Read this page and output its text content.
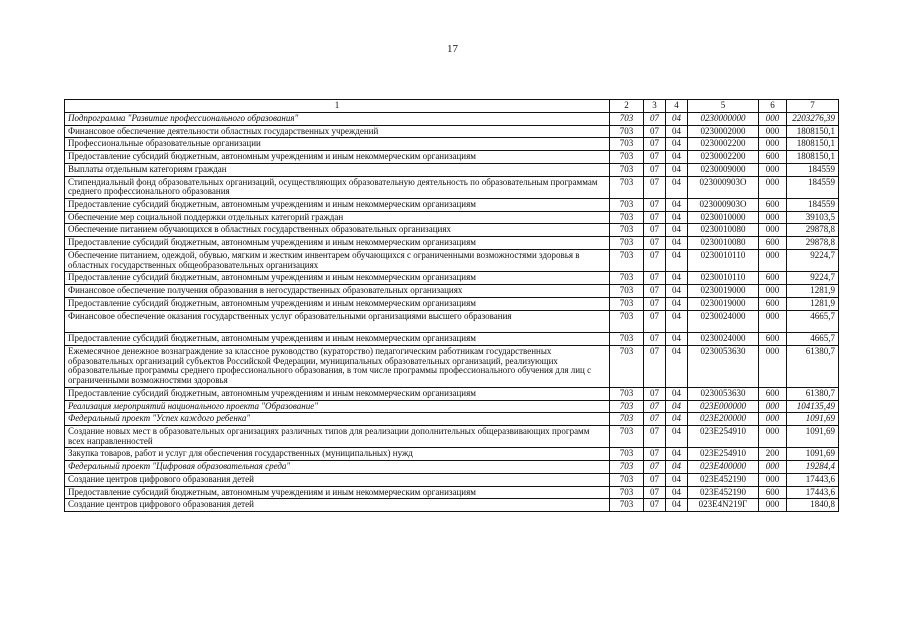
17
1	2	3	4	5	6	7
Подпрограмма "Развитие профессионального образования"	703	07	04	0230000000	000	2203276,39
Финансовое обеспечение деятельности областных государственных учреждений	703	07	04	0230002000	000	1808150,1
Профессиональные образовательные организации	703	07	04	0230002200	000	1808150,1
Предоставление субсидий бюджетным, автономным учреждениям и иным некоммерческим организациям	703	07	04	0230002200	600	1808150,1
Выплаты отдельным категориям граждан	703	07	04	0230009000	000	184559
Стипендиальный фонд образовательных организаций, осуществляющих образовательную деятельность по образовательным программам среднего профессионального образования	703	07	04	023000903О	000	184559
Предоставление субсидий бюджетным, автономным учреждениям и иным некоммерческим организациям	703	07	04	023000903О	600	184559
Обеспечение мер социальной поддержки отдельных категорий граждан	703	07	04	0230010000	000	39103,5
Обеспечение питанием обучающихся в областных государственных образовательных организациях	703	07	04	0230010080	000	29878,8
Предоставление субсидий бюджетным, автономным учреждениям и иным некоммерческим организациям	703	07	04	0230010080	600	29878,8
Обеспечение питанием, одеждой, обувью, мягким и жестким инвентарем обучающихся с ограниченными возможностями здоровья в областных государственных общеобразовательных организациях	703	07	04	0230010110	000	9224,7
Предоставление субсидий бюджетным, автономным учреждениям и иным некоммерческим организациям	703	07	04	0230010110	600	9224,7
Финансовое обеспечение получения образования в негосударственных образовательных организациях	703	07	04	0230019000	000	1281,9
Предоставление субсидий бюджетным, автономным учреждениям и иным некоммерческим организациям	703	07	04	0230019000	600	1281,9
Финансовое обеспечение оказания государственных услуг образовательными организациями высшего образования	703	07	04	0230024000	000	4665,7
Предоставление субсидий бюджетным, автономным учреждениям и иным некоммерческим организациям	703	07	04	0230024000	600	4665,7
Ежемесячное денежное вознаграждение за классное руководство (кураторство) педагогическим работникам государственных образовательных организаций субъектов Российской Федерации, муниципальных образовательных организаций, реализующих образовательные программы среднего профессионального образования, в том числе программы профессионального обучения для лиц с ограниченными возможностями здоровья	703	07	04	0230053630	000	61380,7
Предоставление субсидий бюджетным, автономным учреждениям и иным некоммерческим организациям	703	07	04	0230053630	600	61380,7
Реализация мероприятий национального проекта "Образование"	703	07	04	023Е000000	000	104135,49
Федеральный проект "Успех каждого ребенка"	703	07	04	023Е200000	000	1091,69
Создание новых мест в образовательных организациях различных типов для реализации дополнительных общеразвивающих программ всех направленностей	703	07	04	023Е254910	000	1091,69
Закупка товаров, работ и услуг для обеспечения государственных (муниципальных) нужд	703	07	04	023Е254910	200	1091,69
Федеральный проект "Цифровая образовательная среда"	703	07	04	023Е400000	000	19284,4
Создание центров цифрового образования детей	703	07	04	023Е452190	000	17443,6
Предоставление субсидий бюджетным, автономным учреждениям и иным некоммерческим организациям	703	07	04	023Е452190	600	17443,6
Создание центров цифрового образования детей	703	07	04	023Е4N219Г	000	1840,8
